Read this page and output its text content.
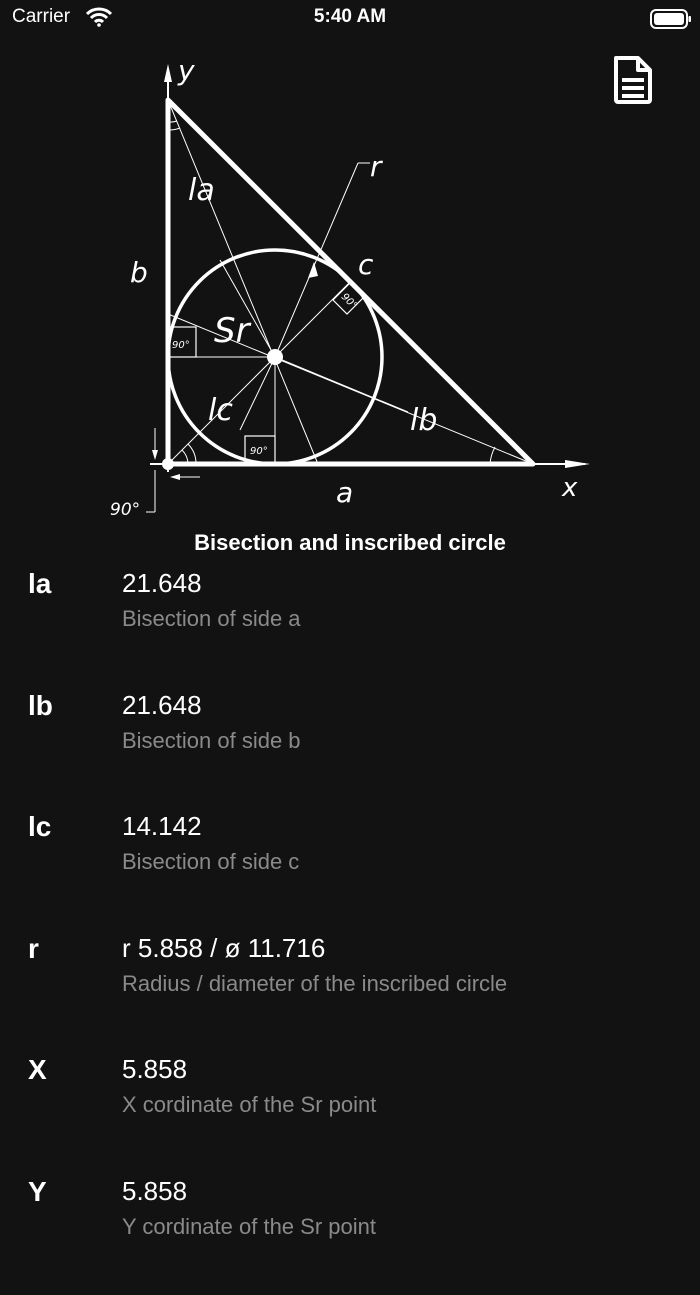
Carrier	5:40 AM
y
x
la
lb
lc
r
c
b
a
Sr
90°
90°
90°
90°
Bisection and inscribed circle
la	21.648
Bisection of side a
lb	21.648
Bisection of side b
lc	14.142
Bisection of side c
r	r 5.858 / ø 11.716
Radius / diameter of the inscribed circle
X	5.858
X cordinate of the Sr point
Y	5.858
Y cordinate of the Sr point
